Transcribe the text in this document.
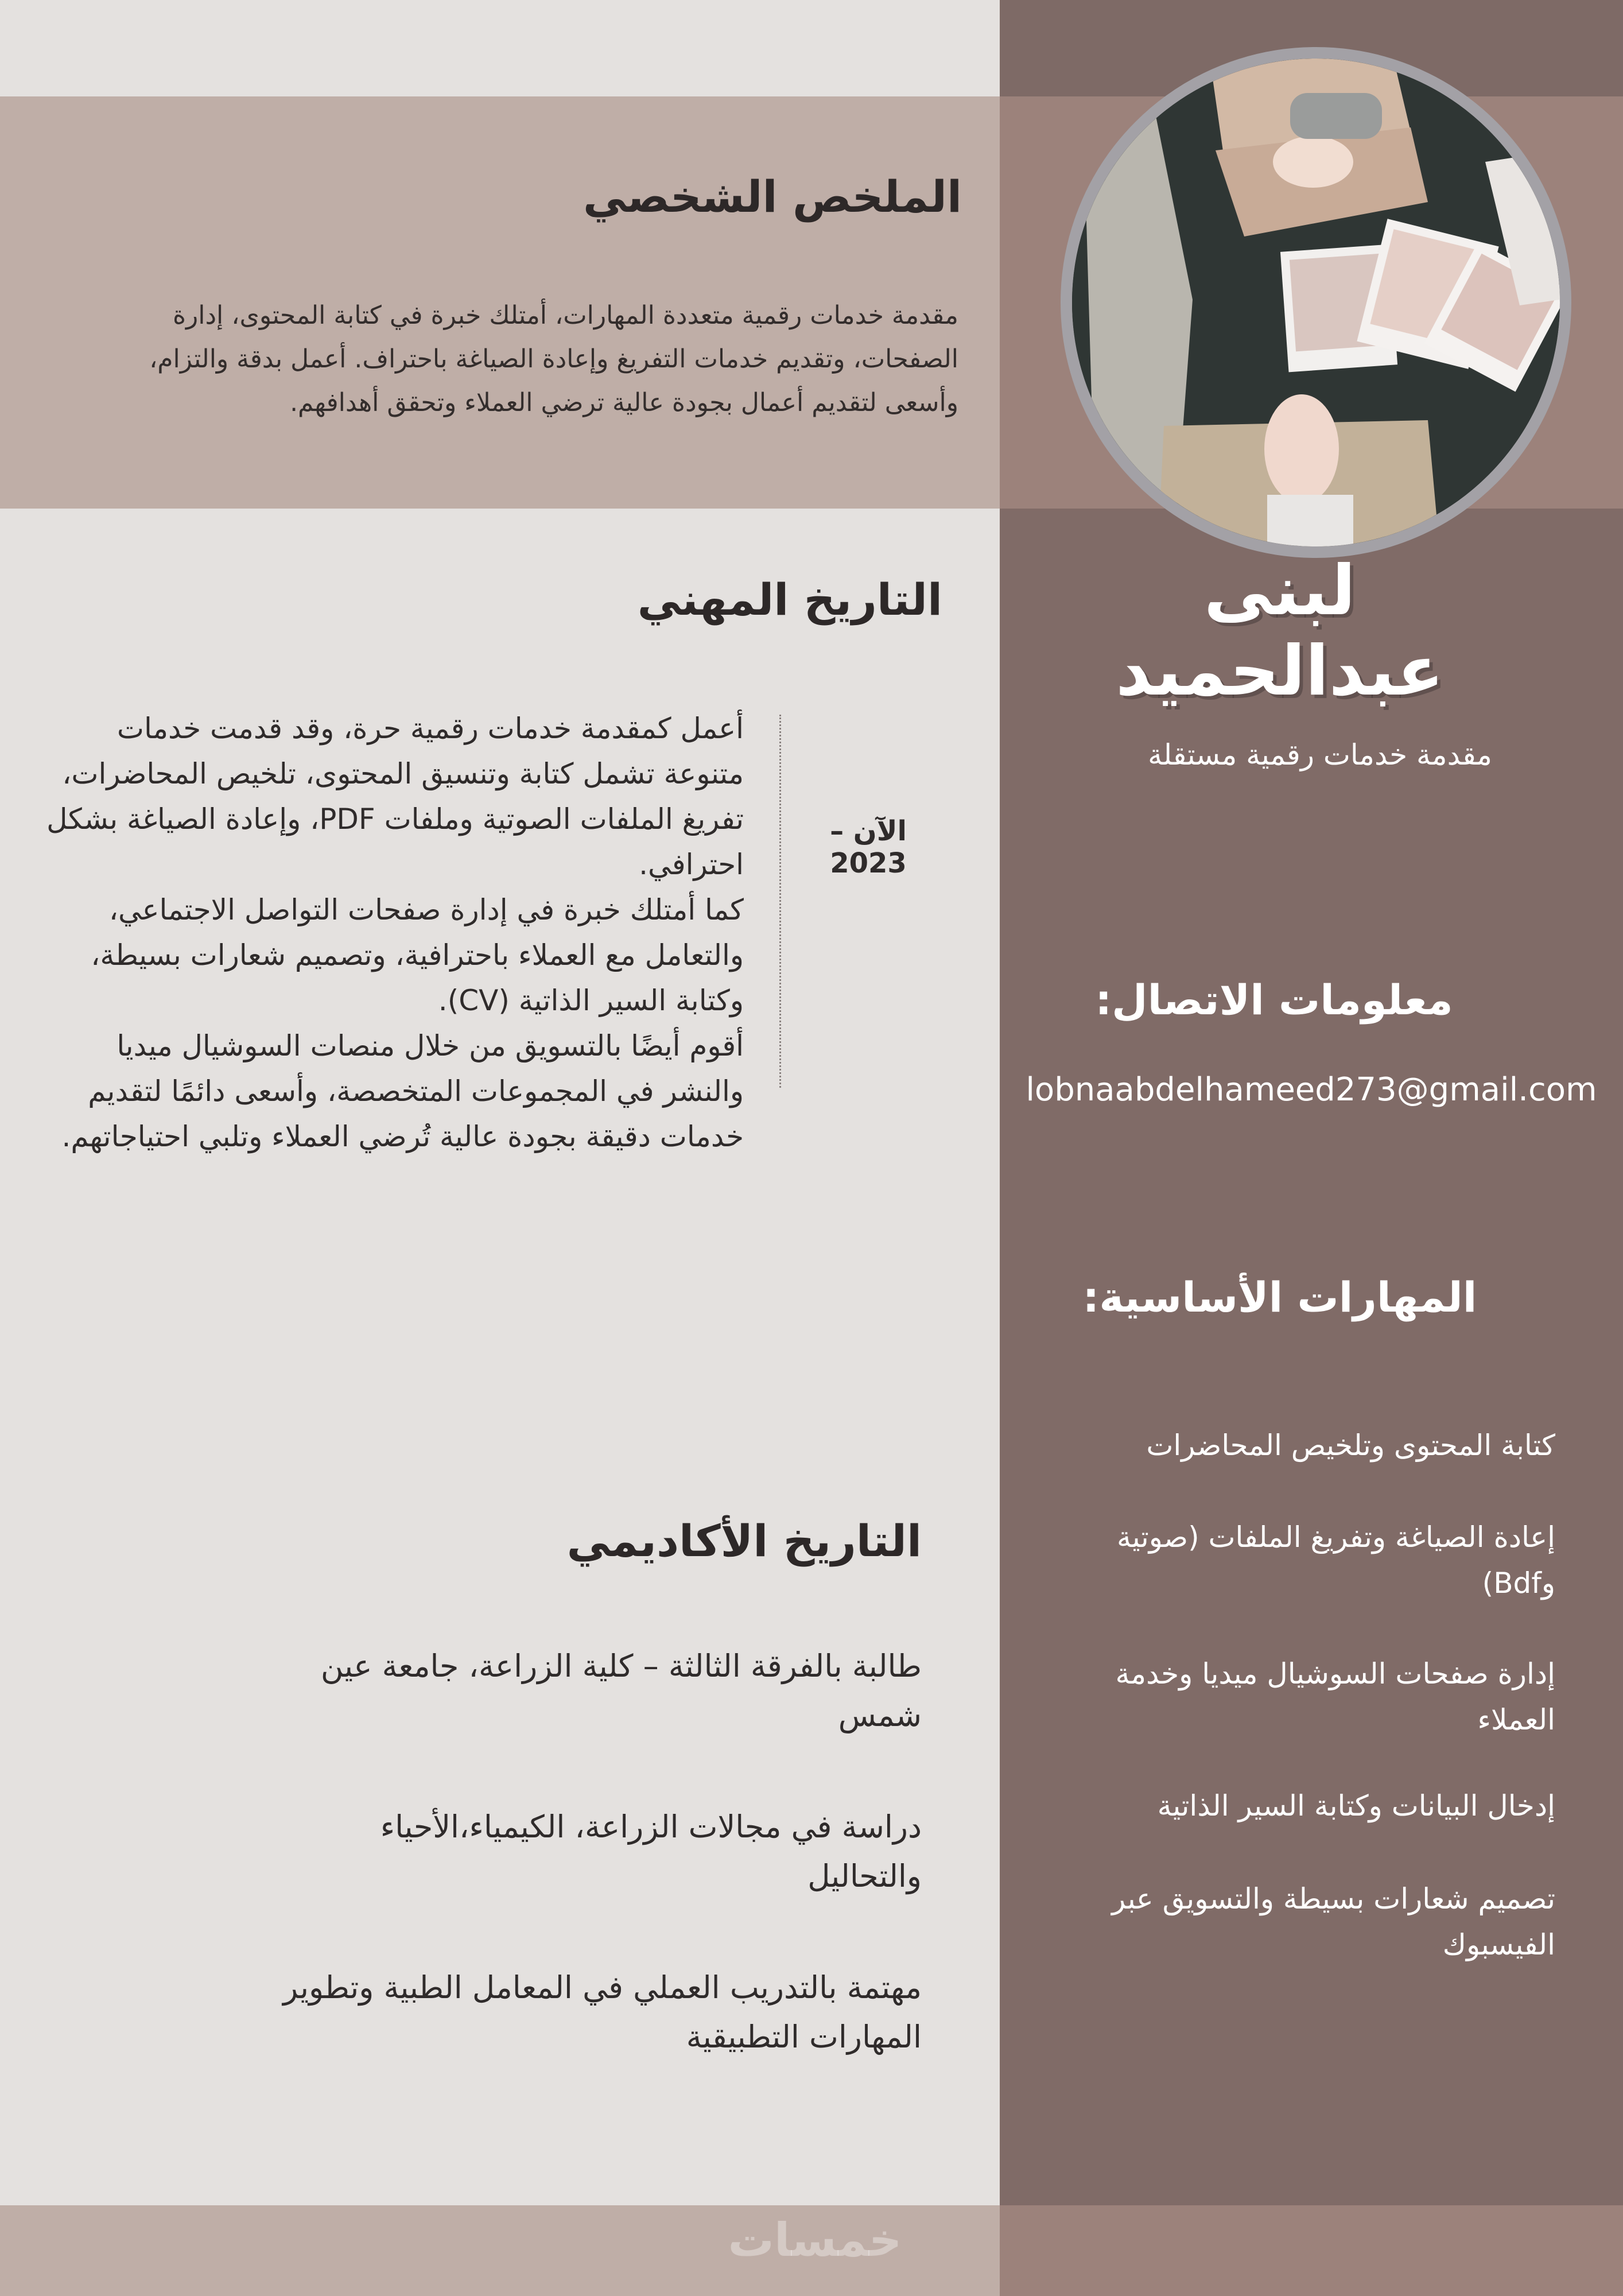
الملخص الشخصي
مقدمة خدمات رقمية متعددة المهارات، أمتلك خبرة في كتابة المحتوى، إدارة الصفحات، وتقديم خدمات التفريغ وإعادة الصياغة باحتراف. أعمل بدقة والتزام، وأسعى لتقديم أعمال بجودة عالية ترضي العملاء وتحقق أهدافهم.
التاريخ المهني
الآن – 2023
أعمل كمقدمة خدمات رقمية حرة، وقد قدمت خدمات متنوعة تشمل كتابة وتنسيق المحتوى، تلخيص المحاضرات، تفريغ الملفات الصوتية وملفات PDF، وإعادة الصياغة بشكل احترافي.
كما أمتلك خبرة في إدارة صفحات التواصل الاجتماعي، والتعامل مع العملاء باحترافية، وتصميم شعارات بسيطة، وكتابة السير الذاتية (CV).
أقوم أيضًا بالتسويق من خلال منصات السوشيال ميديا والنشر في المجموعات المتخصصة، وأسعى دائمًا لتقديم خدمات دقيقة بجودة عالية تُرضي العملاء وتلبي احتياجاتهم.
التاريخ الأكاديمي
طالبة بالفرقة الثالثة – كلية الزراعة، جامعة عين شمس
دراسة في مجالات الزراعة، الكيمياء،الأحياء والتحاليل
مهتمة بالتدريب العملي في المعامل الطبية وتطوير المهارات التطبيقية
خمسات
لبنى
عبدالحميد
مقدمة خدمات رقمية مستقلة
معلومات الاتصال:
lobnaabdelhameed273@gmail.com
المهارات الأساسية:
كتابة المحتوى وتلخيص المحاضرات
إعادة الصياغة وتفريغ الملفات (صوتية وBdf)
إدارة صفحات السوشيال ميديا وخدمة العملاء
إدخال البيانات وكتابة السير الذاتية
تصميم شعارات بسيطة والتسويق عبر الفيسبوك
